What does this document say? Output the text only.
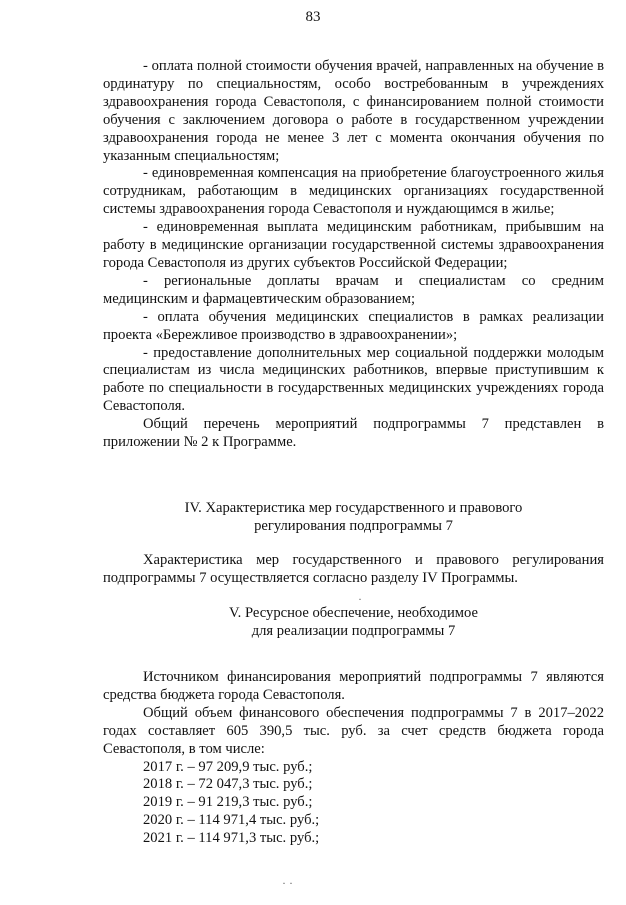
83

- оплата полной стоимости обучения врачей, направленных на обучение в ординатуру по специальностям, особо востребованным в учреждениях здравоохранения города Севастополя, с финансированием полной стоимости обучения с заключением договора о работе в государственном учреждении здравоохранения города не менее 3 лет с момента окончания обучения по указанным специальностям;

- единовременная компенсация на приобретение благоустроенного жилья сотрудникам, работающим в медицинских организациях государственной системы здравоохранения города Севастополя и нуждающимся в жилье;

- единовременная выплата медицинским работникам, прибывшим на работу в медицинские организации государственной системы здравоохранения города Севастополя из других субъектов Российской Федерации;

- региональные доплаты врачам и специалистам со средним медицинским и фармацевтическим образованием;

- оплата обучения медицинских специалистов в рамках реализации проекта «Бережливое производство в здравоохранении»;

- предоставление дополнительных мер социальной поддержки молодым специалистам из числа медицинских работников, впервые приступившим к работе по специальности в государственных медицинских учреждениях города Севастополя.

Общий перечень мероприятий подпрограммы 7 представлен в приложении № 2 к Программе.

IV. Характеристика мер государственного и правового

регулирования подпрограммы 7

Характеристика мер государственного и правового регулирования подпрограммы 7 осуществляется согласно разделу IV Программы.

V. Ресурсное обеспечение, необходимое

для реализации подпрограммы 7

Источником финансирования мероприятий подпрограммы 7 являются средства бюджета города Севастополя.

Общий объем финансового обеспечения подпрограммы 7 в 2017–2022 годах составляет 605 390,5 тыс. руб. за счет средств бюджета города Севастополя, в том числе:

2017 г. – 97 209,9 тыс. руб.;

2018 г. – 72 047,3 тыс. руб.;

2019 г. – 91 219,3 тыс. руб.;

2020 г. – 114 971,4 тыс. руб.;

2021 г. – 114 971,3 тыс. руб.;

·
· ·
